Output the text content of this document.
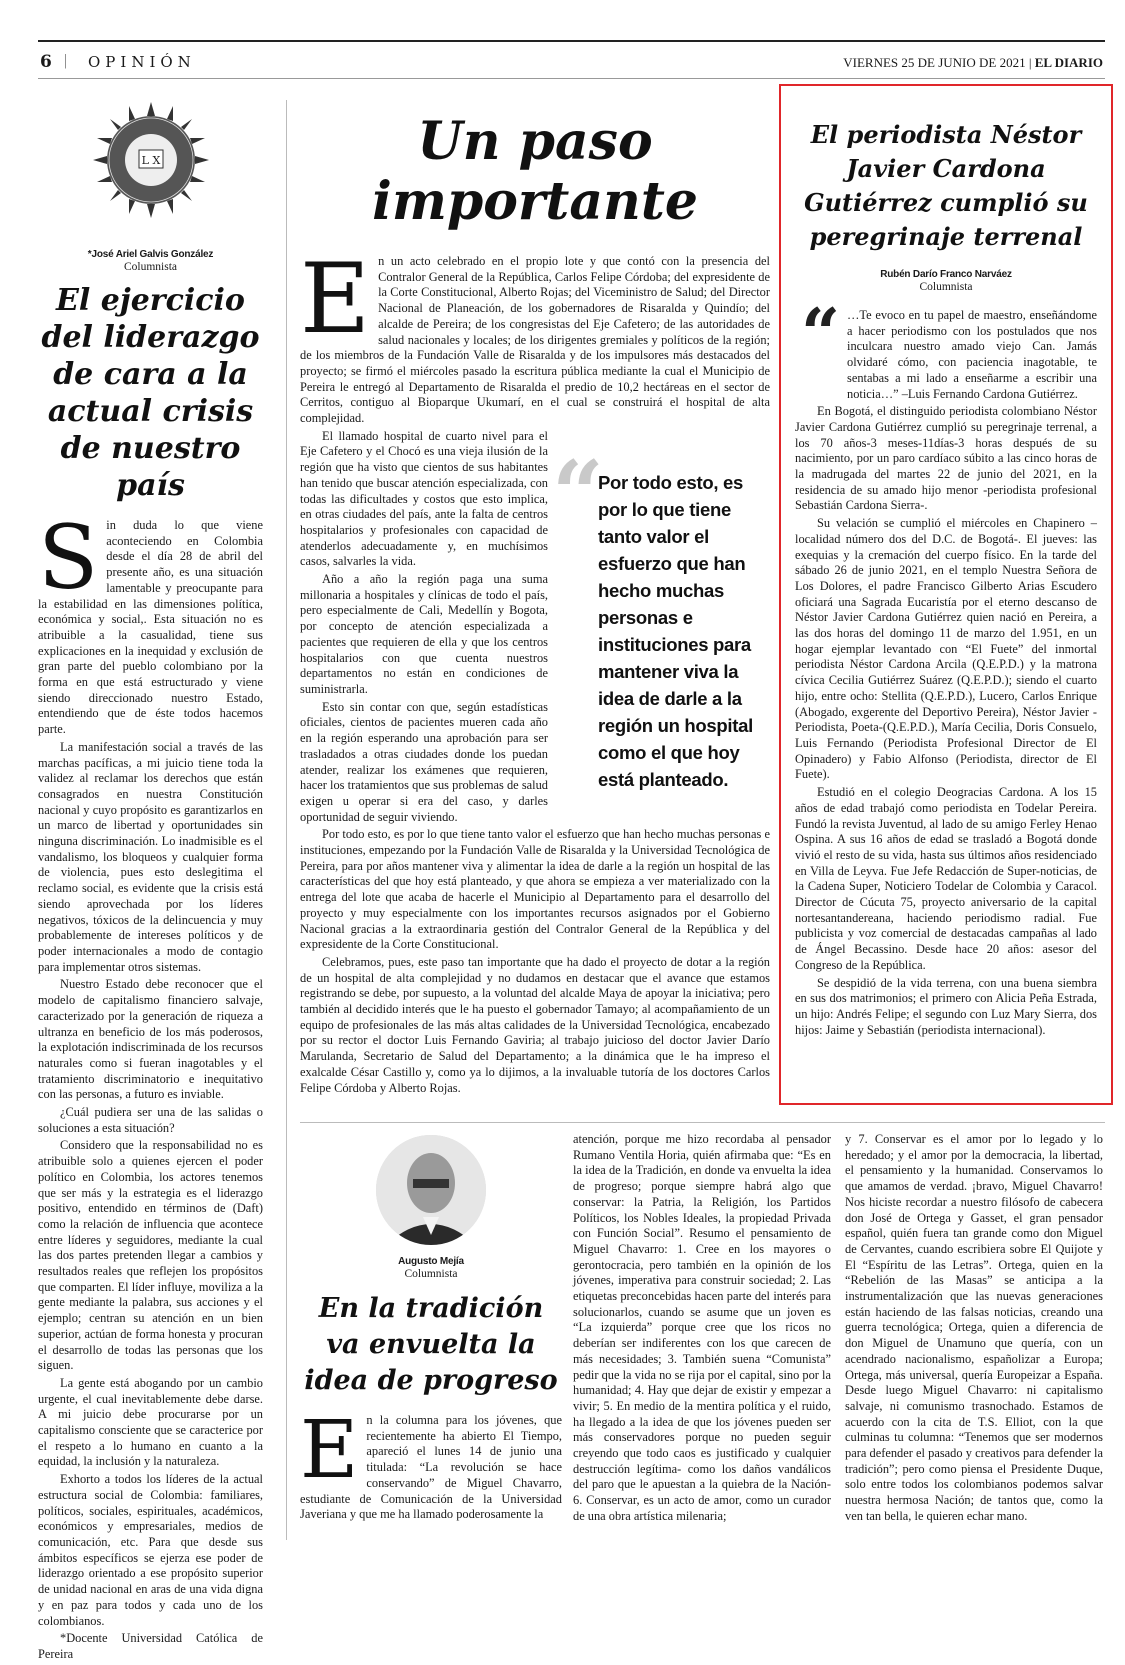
6 | OPINIÓN	VIERNES 25 DE JUNIO DE 2021 | EL DIARIO
L X
*José Ariel Galvis González
Columnista
El ejercicio del liderazgo de cara a la actual crisis de nuestro país

Sin duda lo que viene aconteciendo en Colombia desde el día 28 de abril del presente año, es una situación lamentable y preocupante para la estabilidad en las dimensiones política, económica y social,. Esta situación no es atribuible a la casualidad, tiene sus explicaciones en la inequidad y exclusión de gran parte del pueblo colombiano por la forma en que está estructurado y viene siendo direccionado nuestro Estado, entendiendo que de éste todos hacemos parte.

La manifestación social a través de las marchas pacíficas, a mi juicio tiene toda la validez al reclamar los derechos que están consagrados en nuestra Constitución nacional y cuyo propósito es garantizarlos en un marco de libertad y oportunidades sin ninguna discriminación. Lo inadmisible es el vandalismo, los bloqueos y cualquier forma de violencia, pues esto deslegitima el reclamo social, es evidente que la crisis está siendo aprovechada por los líderes negativos, tóxicos de la delincuencia y muy probablemente de intereses políticos y de poder internacionales a modo de contagio para implementar otros sistemas.

Nuestro Estado debe reconocer que el modelo de capitalismo financiero salvaje, caracterizado por la generación de riqueza a ultranza en beneficio de los más poderosos, la explotación indiscriminada de los recursos naturales como si fueran inagotables y el tratamiento discriminatorio e inequitativo con las personas, a futuro es inviable.

¿Cuál pudiera ser una de las salidas o soluciones a esta situación?

Considero que la responsabilidad no es atribuible solo a quienes ejercen el poder político en Colombia, los actores tenemos que ser más y la estrategia es el liderazgo positivo, entendido en términos de (Daft) como la relación de influencia que acontece entre líderes y seguidores, mediante la cual las dos partes pretenden llegar a cambios y resultados reales que reflejen los propósitos que comparten. El líder influye, moviliza a la gente mediante la palabra, sus acciones y el ejemplo; centran su atención en un bien superior, actúan de forma honesta y procuran el desarrollo de todas las personas que los siguen.

La gente está abogando por un cambio urgente, el cual inevitablemente debe darse. A mi juicio debe procurarse por un capitalismo consciente que se caracterice por el respeto a lo humano en cuanto a la equidad, la inclusión y la naturaleza.

Exhorto a todos los líderes de la actual estructura social de Colombia: familiares, políticos, sociales, espirituales, académicos, económicos y empresariales, medios de comunicación, etc. Para que desde sus ámbitos específicos se ejerza ese poder de liderazgo orientado a ese propósito superior de unidad nacional en aras de una vida digna y en paz para todos y cada uno de los colombianos.

*Docente Universidad Católica de Pereira

Un paso importante

En un acto celebrado en el propio lote y que contó con la presencia del Contralor General de la República, Carlos Felipe Córdoba; del expresidente de la Corte Constitucional, Alberto Rojas; del Viceministro de Salud; del Director Nacional de Planeación, de los gobernadores de Risaralda y Quindío; del alcalde de Pereira; de los congresistas del Eje Cafetero; de las autoridades de salud nacionales y locales; de los dirigentes gremiales y políticos de la región; de los miembros de la Fundación Valle de Risaralda y de los impulsores más destacados del proyecto; se firmó el miércoles pasado la escritura pública mediante la cual el Municipio de Pereira le entregó al Departamento de Risaralda el predio de 10,2 hectáreas en el sector de Cerritos, contiguo al Bioparque Ukumarí, en el cual se construirá el hospital de alta complejidad.

“
Por todo esto, es por lo que tiene tanto valor el esfuerzo que han hecho muchas personas e instituciones para mantener viva la idea de darle a la región un hospital como el que hoy está planteado.

El llamado hospital de cuarto nivel para el Eje Cafetero y el Chocó es una vieja ilusión de la región que ha visto que cientos de sus habitantes han tenido que buscar atención especializada, con todas las dificultades y costos que esto implica, en otras ciudades del país, ante la falta de centros hospitalarios y profesionales con capacidad de atenderlos adecuadamente y, en muchísimos casos, salvarles la vida.

Año a año la región paga una suma millonaria a hospitales y clínicas de todo el país, pero especialmente de Cali, Medellín y Bogota, por concepto de atención especializada a pacientes que requieren de ella y que los centros hospitalarios con que cuenta nuestros departamentos no están en condiciones de suministrarla.

Esto sin contar con que, según estadísticas oficiales, cientos de pacientes mueren cada año en la región esperando una aprobación para ser trasladados a otras ciudades donde los puedan atender, realizar los exámenes que requieren, hacer los tratamientos que sus problemas de salud exigen u operar si era del caso, y darles oportunidad de seguir viviendo.

Por todo esto, es por lo que tiene tanto valor el esfuerzo que han hecho muchas personas e instituciones, empezando por la Fundación Valle de Risaralda y la Universidad Tecnológica de Pereira, para por años mantener viva y alimentar la idea de darle a la región un hospital de las características del que hoy está planteado, y que ahora se empieza a ver materializado con la entrega del lote que acaba de hacerle el Municipio al Departamento para el desarrollo del proyecto y muy especialmente con los importantes recursos asignados por el Gobierno Nacional gracias a la extraordinaria gestión del Contralor General de la República y del expresidente de la Corte Constitucional.

Celebramos, pues, este paso tan importante que ha dado el proyecto de dotar a la región de un hospital de alta complejidad y no dudamos en destacar que el avance que estamos registrando se debe, por supuesto, a la voluntad del alcalde Maya de apoyar la iniciativa; pero también al decidido interés que le ha puesto el gobernador Tamayo; al acompañamiento de un equipo de profesionales de las más altas calidades de la Universidad Tecnológica, encabezado por su rector el doctor Luis Fernando Gaviria; al trabajo juicioso del doctor Javier Darío Marulanda, Secretario de Salud del Departamento; a la dinámica que le ha impreso el exalcalde César Castillo y, como ya lo dijimos, a la invaluable tutoría de los doctores Carlos Felipe Córdoba y Alberto Rojas.

El periodista Néstor Javier Cardona Gutiérrez cumplió su peregrinaje terrenal
Rubén Darío Franco Narváez
Columnista
“ …Te evoco en tu papel de maestro, enseñándome a hacer periodismo con los postulados que nos inculcara nuestro amado viejo Can. Jamás olvidaré cómo, con paciencia inagotable, te sentabas a mi lado a enseñarme a escribir una noticia…” –Luis Fernando Cardona Gutiérrez.

En Bogotá, el distinguido periodista colombiano Néstor Javier Cardona Gutiérrez cumplió su peregrinaje terrenal, a los 70 años-3 meses-11días-3 horas después de su nacimiento, por un paro cardíaco súbito a las cinco horas de la madrugada del martes 22 de junio del 2021, en la residencia de su amado hijo menor -periodista profesional Sebastián Cardona Sierra-.

Su velación se cumplió el miércoles en Chapinero –localidad número dos del D.C. de Bogotá-. El jueves: las exequias y la cremación del cuerpo físico. En la tarde del sábado 26 de junio 2021, en el templo Nuestra Señora de Los Dolores, el padre Francisco Gilberto Arias Escudero oficiará una Sagrada Eucaristía por el eterno descanso de Néstor Javier Cardona Gutiérrez quien nació en Pereira, a las dos horas del domingo 11 de marzo del 1.951, en un hogar ejemplar levantado con “El Fuete” del inmortal periodista Néstor Cardona Arcila (Q.E.P.D.) y la matrona cívica Cecilia Gutiérrez Suárez (Q.E.P.D.); siendo el cuarto hijo, entre ocho: Stellita (Q.E.P.D.), Lucero, Carlos Enrique (Abogado, exgerente del Deportivo Pereira), Néstor Javier -Periodista, Poeta-(Q.E.P.D.), María Cecilia, Doris Consuelo, Luis Fernando (Periodista Profesional Director de El Opinadero) y Fabio Alfonso (Periodista, director de El Fuete).

Estudió en el colegio Deogracias Cardona. A los 15 años de edad trabajó como periodista en Todelar Pereira. Fundó la revista Juventud, al lado de su amigo Ferley Henao Ospina. A sus 16 años de edad se trasladó a Bogotá donde vivió el resto de su vida, hasta sus últimos años residenciado en Villa de Leyva. Fue Jefe Redacción de Super-noticias, de la Cadena Super, Noticiero Todelar de Colombia y Caracol. Director de Cúcuta 75, proyecto aniversario de la capital nortesantandereana, haciendo periodismo radial. Fue publicista y voz comercial de destacadas campañas al lado de Ángel Becassino. Desde hace 20 años: asesor del Congreso de la República.

Se despidió de la vida terrena, con una buena siembra en sus dos matrimonios; el primero con Alicia Peña Estrada, un hijo: Andrés Felipe; el segundo con Luz Mary Sierra, dos hijos: Jaime y Sebastián (periodista internacional).

Augusto Mejía
Columnista
En la tradición va envuelta la idea de progreso

En la columna para los jóvenes, que recientemente ha abierto El Tiempo, apareció el lunes 14 de junio una titulada: “La revolución se hace conservando” de Miguel Chavarro, estudiante de Comunicación de la Universidad Javeriana y que me ha llamado poderosamente la

atención, porque me hizo recordaba al pensador Rumano Ventila Horia, quién afirmaba que: “Es en la idea de la Tradición, en donde va envuelta la idea de progreso; porque siempre habrá algo que conservar: la Patria, la Religión, los Partidos Políticos, los Nobles Ideales, la propiedad Privada con Función Social”. Resumo el pensamiento de Miguel Chavarro: 1. Cree en los mayores o gerontocracia, pero también en la opinión de los jóvenes, imperativa para construir sociedad; 2. Las etiquetas preconcebidas hacen parte del interés para solucionarlos, cuando se asume que un joven es “La izquierda” porque cree que los ricos no deberían ser indiferentes con los que carecen de más necesidades; 3. También suena “Comunista” pedir que la vida no se rija por el capital, sino por la humanidad; 4. Hay que dejar de existir y empezar a vivir; 5. En medio de la mentira política y el ruido, ha llegado a la idea de que los jóvenes pueden ser más conservadores porque no pueden seguir creyendo que todo caos es justificado y cualquier destrucción legítima- como los daños vandálicos del paro que le apuestan a la quiebra de la Nación- 6. Conservar, es un acto de amor, como un curador de una obra artística milenaria;

y 7. Conservar es el amor por lo legado y lo heredado; y el amor por la democracia, la libertad, el pensamiento y la humanidad. Conservamos lo que amamos de verdad. ¡bravo, Miguel Chavarro! Nos hiciste recordar a nuestro filósofo de cabecera don José de Ortega y Gasset, el gran pensador español, quién fuera tan grande como don Miguel de Cervantes, cuando escribiera sobre El Quijote y El “Espíritu de las Letras”. Ortega, quien en la “Rebelión de las Masas” se anticipa a la instrumentalización que las nuevas generaciones están haciendo de las falsas noticias, creando una guerra tecnológica; Ortega, quien a diferencia de don Miguel de Unamuno que quería, con un acendrado nacionalismo, españolizar a Europa; Ortega, más universal, quería Europeizar a España. Desde luego Miguel Chavarro: ni capitalismo salvaje, ni comunismo trasnochado. Estamos de acuerdo con la cita de T.S. Elliot, con la que culminas tu columna: “Tenemos que ser modernos para defender el pasado y creativos para defender la tradición”; pero como piensa el Presidente Duque, solo entre todos los colombianos podemos salvar nuestra hermosa Nación; de tantos que, como la ven tan bella, le quieren echar mano.
